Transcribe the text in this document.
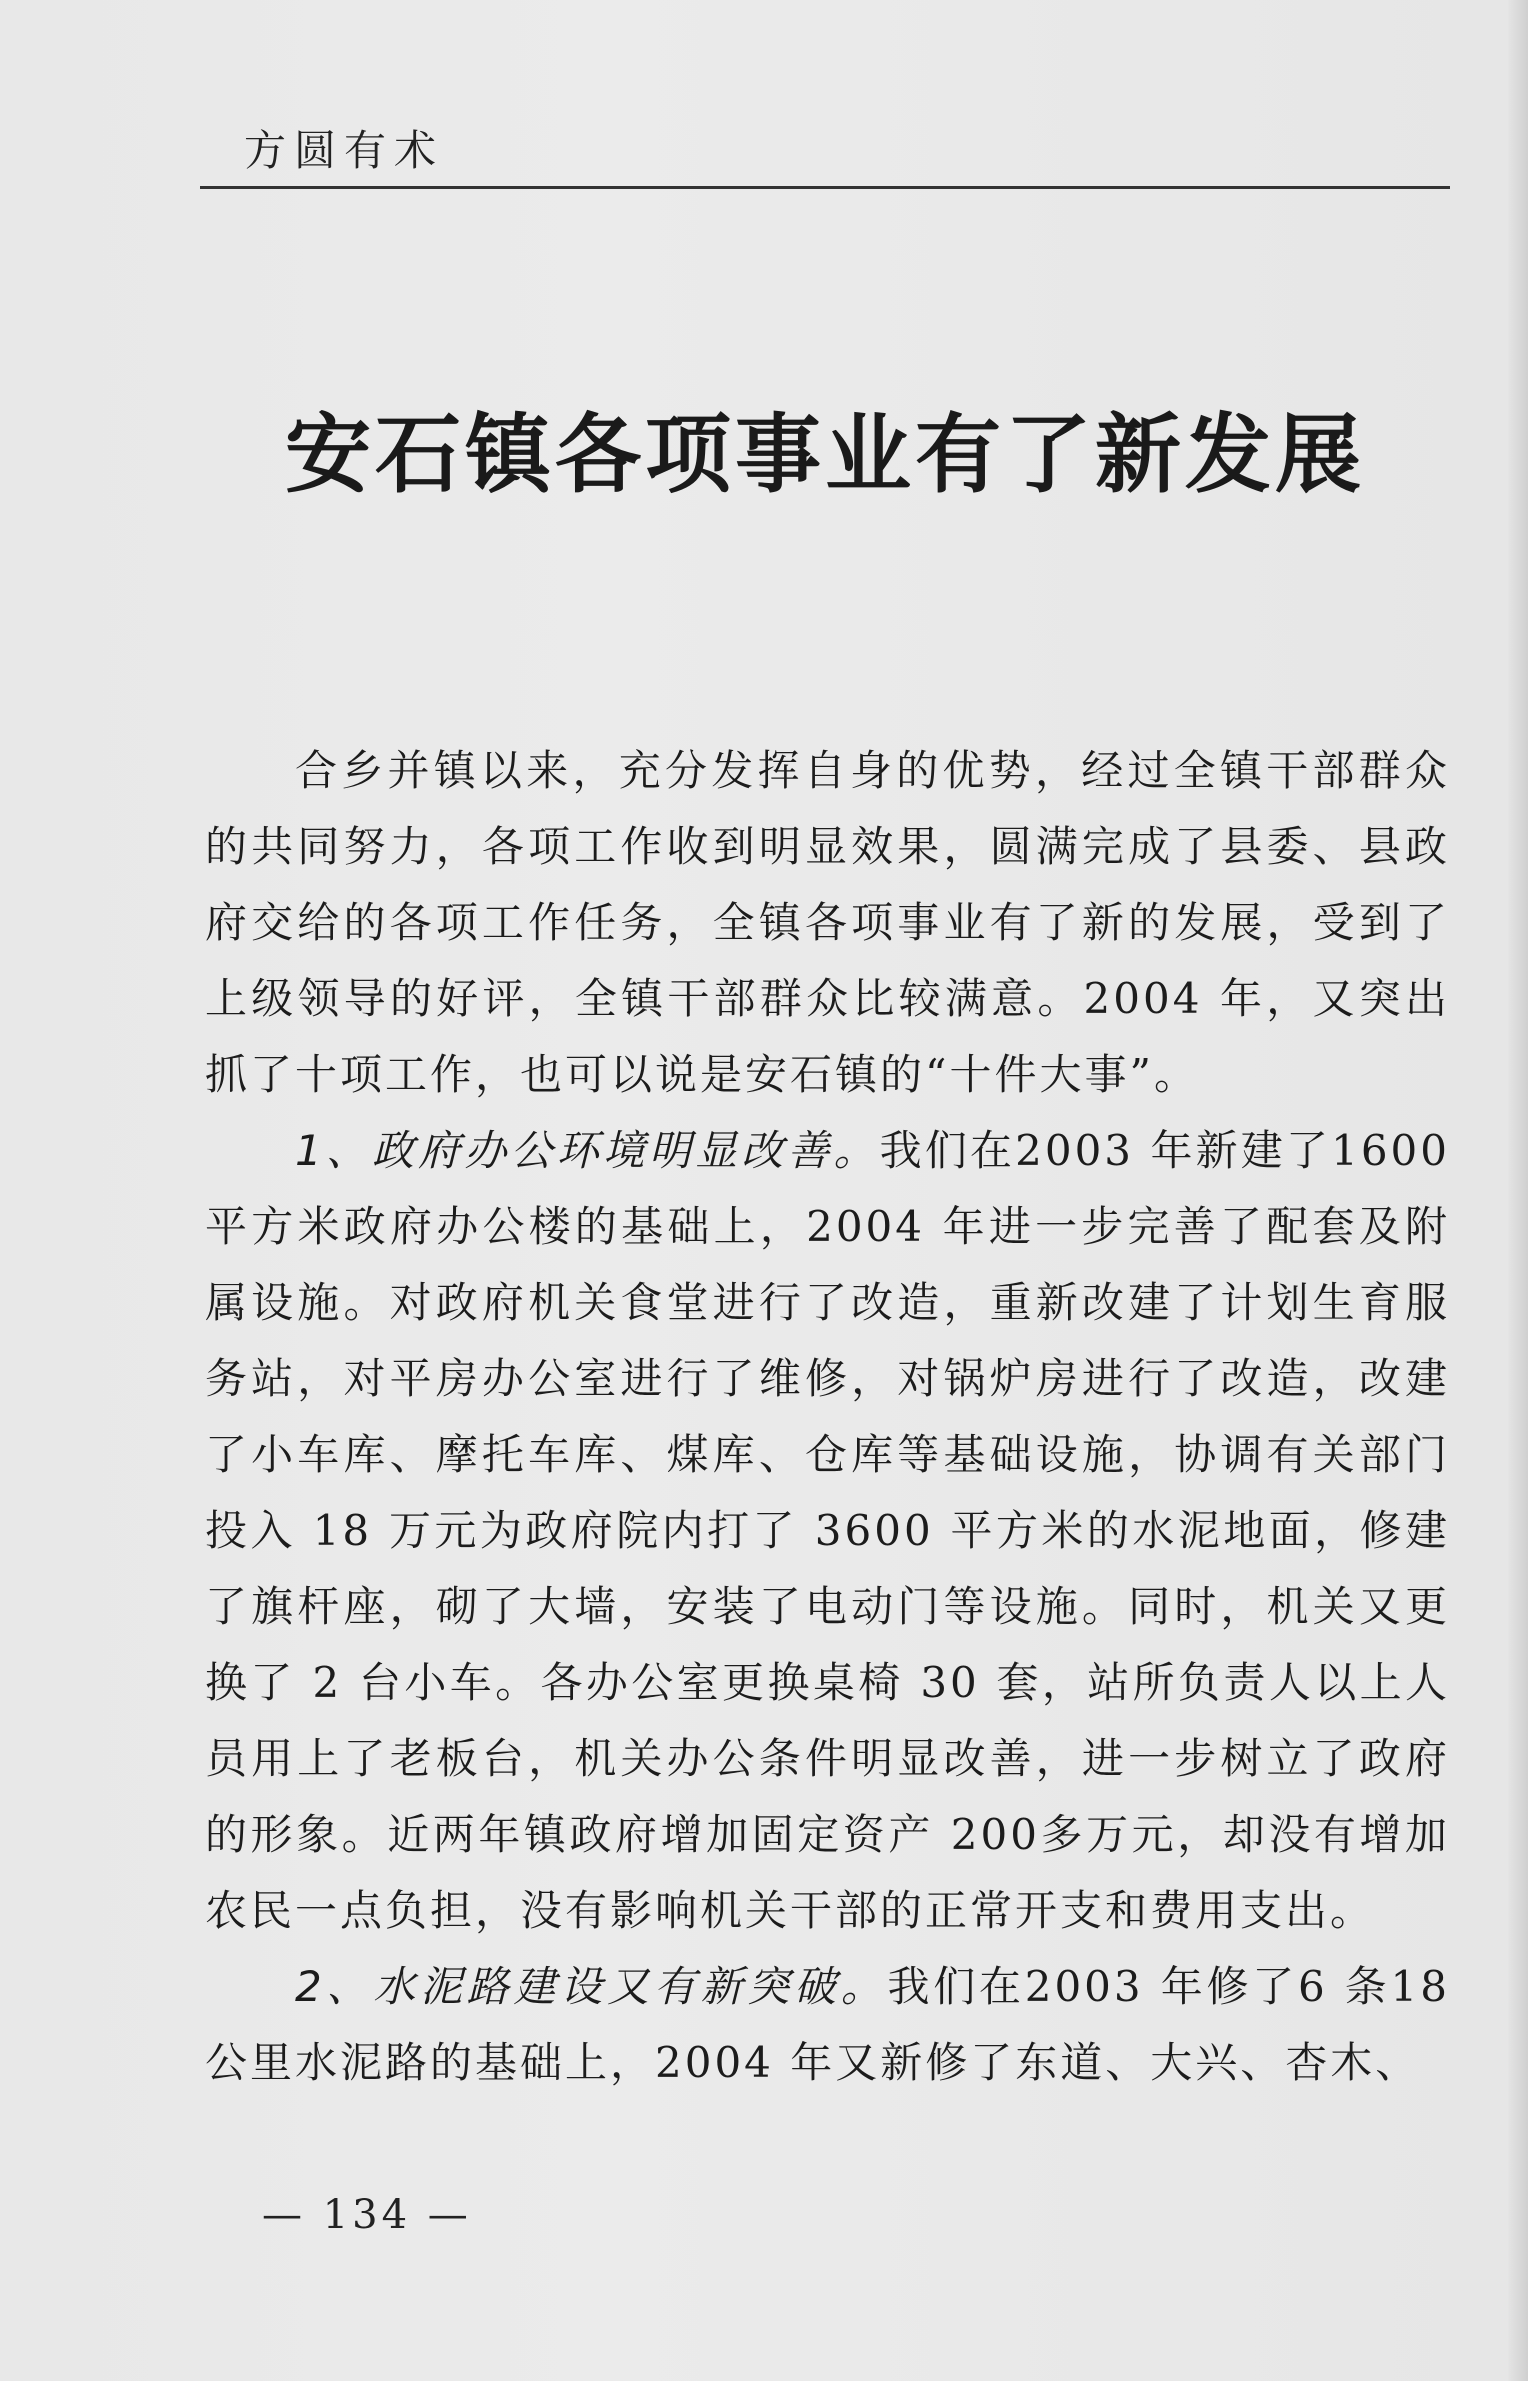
方圆有术
安石镇各项事业有了新发展

合乡并镇以来，充分发挥自身的优势，经过全镇干部群众的共同努力，各项工作收到明显效果，圆满完成了县委、县政府交给的各项工作任务，全镇各项事业有了新的发展，受到了上级领导的好评，全镇干部群众比较满意。2004 年，又突出抓了十项工作，也可以说是安石镇的“十件大事”。

1、政府办公环境明显改善。我们在2003 年新建了1600平方米政府办公楼的基础上，2004 年进一步完善了配套及附属设施。对政府机关食堂进行了改造，重新改建了计划生育服务站，对平房办公室进行了维修，对锅炉房进行了改造，改建了小车库、摩托车库、煤库、仓库等基础设施，协调有关部门投入 18 万元为政府院内打了 3600 平方米的水泥地面，修建了旗杆座，砌了大墙，安装了电动门等设施。同时，机关又更换了 2 台小车。各办公室更换桌椅 30 套，站所负责人以上人员用上了老板台，机关办公条件明显改善，进一步树立了政府的形象。近两年镇政府增加固定资产 200多万元，却没有增加农民一点负担，没有影响机关干部的正常开支和费用支出。

2、水泥路建设又有新突破。我们在2003 年修了6 条18公里水泥路的基础上，2004 年又新修了东道、大兴、杏木、

— 134 —
